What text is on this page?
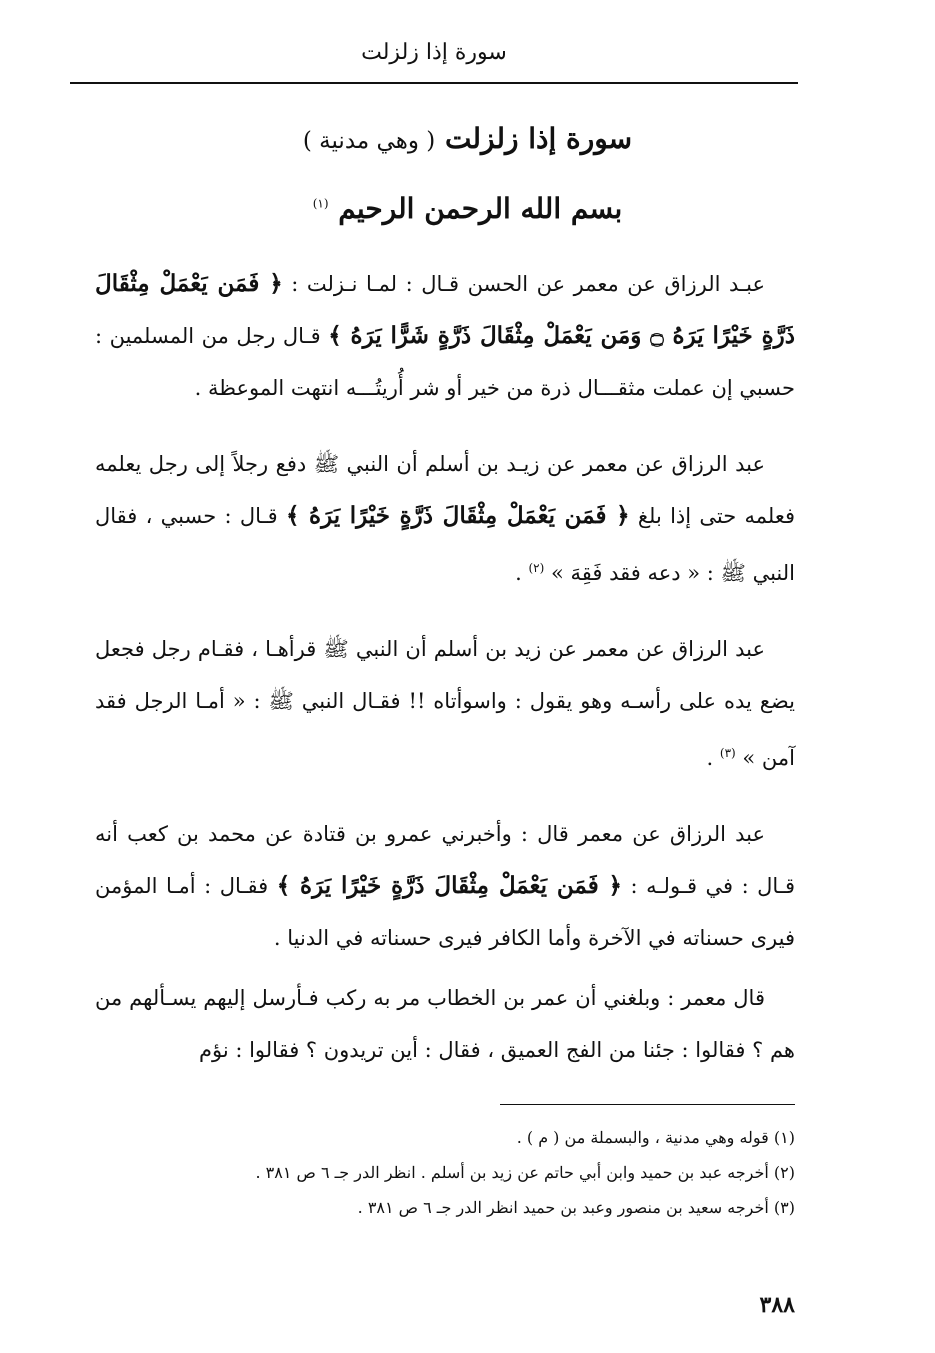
سورة إذا زلزلت
سورة إذا زلزلت ( وهي مدنية )
بسم الله الرحمن الرحيم $^{(١)}$

عبـد الرزاق عن معمر عن الحسن قـال : لمـا نـزلت : ﴿ فَمَن يَعْمَلْ مِثْقَالَ ذَرَّةٍ خَيْرًا يَرَهُ ۝ وَمَن يَعْمَلْ مِثْقَالَ ذَرَّةٍ شَرًّا يَرَهُ ﴾ قـال رجل من المسلمين : حسبي إن عملت مثقـــال ذرة من خير أو شر أُريتُـــه انتهت الموعظة .

عبد الرزاق عن معمر عن زيـد بن أسلم أن النبي ﷺ دفع رجلاً إلى رجل يعلمه فعلمه حتى إذا بلغ ﴿ فَمَن يَعْمَلْ مِثْقَالَ ذَرَّةٍ خَيْرًا يَرَهُ ﴾ قـال : حسبي ، فقال النبي ﷺ : « دعه فقد فَقِهَ » $^{(٢)}$ .

عبد الرزاق عن معمر عن زيد بن أسلم أن النبي ﷺ قرأهـا ، فقـام رجل فجعل يضع يده على رأسـه وهو يقول : واسوأتاه !! فقـال النبي ﷺ : « أمـا الرجل فقد آمن » $^{(٣)}$ .

عبد الرزاق عن معمر قال : وأخبرني عمرو بن قتادة عن محمد بن كعب أنه قـال : في قـولـه : ﴿ فَمَن يَعْمَلْ مِثْقَالَ ذَرَّةٍ خَيْرًا يَرَهُ ﴾ فقـال : أمـا المؤمن فيرى حسناته في الآخرة وأما الكافر فيرى حسناته في الدنيا .

قال معمر : وبلغني أن عمر بن الخطاب مر به ركب فـأرسل إليهم يسـألهم من هم ؟ فقالوا : جئنا من الفج العميق ، فقال : أين تريدون ؟ فقالوا : نؤم

(١) قوله وهي مدنية ، والبسملة من ( م ) .
(٢) أخرجه عبد بن حميد وابن أبي حاتم عن زيد بن أسلم . انظر الدر جـ ٦ ص ٣٨١ .
(٣) أخرجه سعيد بن منصور وعبد بن حميد انظر الدر جـ ٦ ص ٣٨١ .
٣٨٨
